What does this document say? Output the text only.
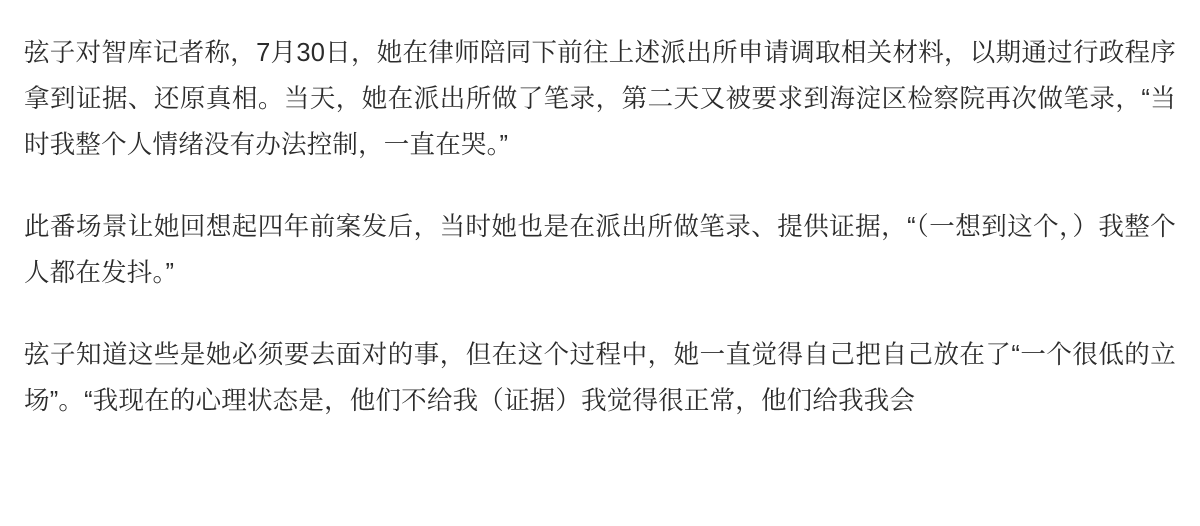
弦子对智库记者称，7月30日，她在律师陪同下前往上述派出所申请调取相关材料，以期通过行政程序拿到证据、还原真相。当天，她在派出所做了笔录，第二天又被要求到海淀区检察院再次做笔录，“当时我整个人情绪没有办法控制，一直在哭。”

此番场景让她回想起四年前案发后，当时她也是在派出所做笔录、提供证据，“（一想到这个，）我整个人都在发抖。”

弦子知道这些是她必须要去面对的事，但在这个过程中，她一直觉得自己把自己放在了“一个很低的立场”。“我现在的心理状态是，他们不给我（证据）我觉得很正常，他们给我我会
